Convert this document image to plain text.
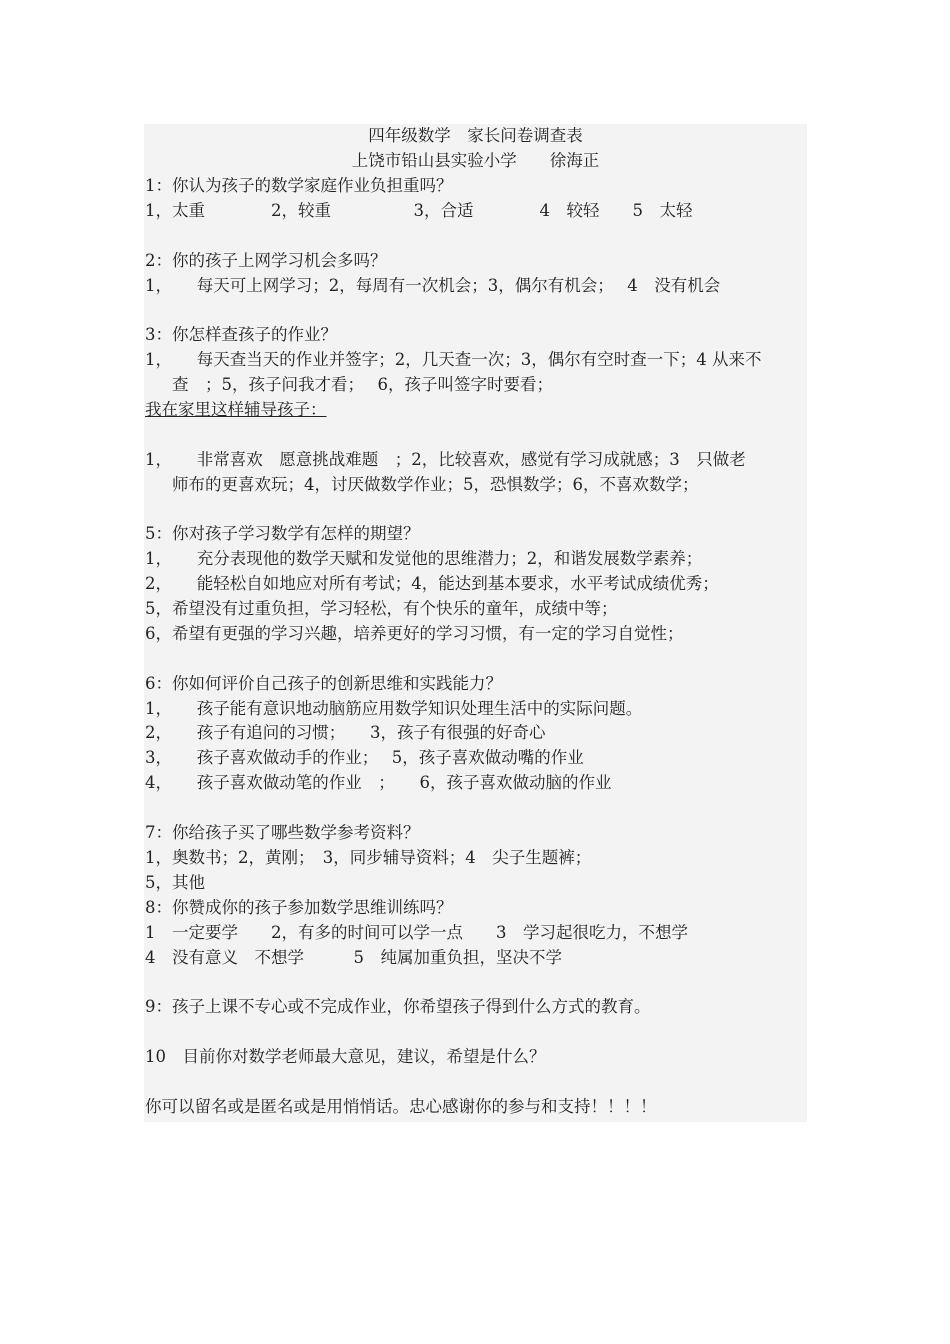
四年级数学　家长问卷调查表
上饶市铅山县实验小学　　徐海正
1：你认为孩子的数学家庭作业负担重吗？
1，太重　　　　2，较重　　　　　3，合适　　　　4　较轻　　5　太轻
2：你的孩子上网学习机会多吗？
1，　　每天可上网学习；2，每周有一次机会；3，偶尔有机会；　 4　没有机会
3：你怎样查孩子的作业？
1，　　每天查当天的作业并签字；2，几天查一次；3，偶尔有空时查一下；4 从来不
查　；5，孩子问我才看；　 6，孩子叫签字时要看；
我在家里这样辅导孩子：
1，　　非常喜欢　愿意挑战难题　；2，比较喜欢，感觉有学习成就感；3　只做老
师布的更喜欢玩；4，讨厌做数学作业；5，恐惧数学；6，不喜欢数学；
5：你对孩子学习数学有怎样的期望？
1，　　充分表现他的数学天赋和发觉他的思维潜力；2，和谐发展数学素养；
2，　　能轻松自如地应对所有考试；4，能达到基本要求，水平考试成绩优秀；
5，希望没有过重负担，学习轻松，有个快乐的童年，成绩中等；
6，希望有更强的学习兴趣，培养更好的学习习惯，有一定的学习自觉性；
6：你如何评价自己孩子的创新思维和实践能力？
1，　　孩子能有意识地动脑筋应用数学知识处理生活中的实际问题。
2，　　孩子有追问的习惯；　　3，孩子有很强的好奇心
3，　　孩子喜欢做动手的作业；　 5，孩子喜欢做动嘴的作业
4，　　孩子喜欢做动笔的作业　；　　6，孩子喜欢做动脑的作业
7：你给孩子买了哪些数学参考资料？
1，奥数书；2，黄刚；　3，同步辅导资料；4　尖子生题裤；
5，其他
8：你赞成你的孩子参加数学思维训练吗？
1　一定要学　　2，有多的时间可以学一点　　3　学习起很吃力，不想学
4　没有意义　不想学　　　5　纯属加重负担，坚决不学
9：孩子上课不专心或不完成作业，你希望孩子得到什么方式的教育。
10　目前你对数学老师最大意见，建议，希望是什么？
你可以留名或是匿名或是用悄悄话。忠心感谢你的参与和支持！！！！
